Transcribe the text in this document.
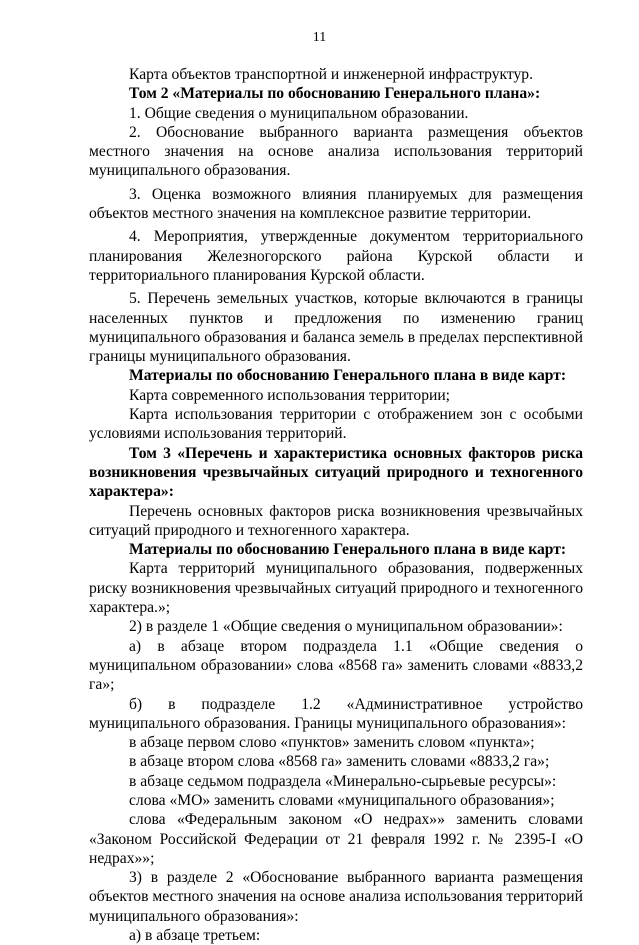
11

Карта объектов транспортной и инженерной инфраструктур.

Том 2 «Материалы по обоснованию Генерального плана»:

1. Общие сведения о муниципальном образовании.

2. Обоснование выбранного варианта размещения объектов местного значения на основе анализа использования территорий муниципального образования.

3. Оценка возможного влияния планируемых для размещения объектов местного значения на комплексное развитие территории.

4. Мероприятия, утвержденные документом территориального планирования Железногорского района Курской области и территориального планирования Курской области.

5. Перечень земельных участков, которые включаются в границы населенных пунктов и предложения по изменению границ муниципального образования и баланса земель в пределах перспективной границы муниципального образования.

Материалы по обоснованию Генерального плана в виде карт:

Карта современного использования территории;

Карта использования территории с отображением зон с особыми условиями использования территорий.

Том 3 «Перечень и характеристика основных факторов риска возникновения чрезвычайных ситуаций природного и техногенного характера»:

Перечень основных факторов риска возникновения чрезвычайных ситуаций природного и техногенного характера.

Материалы по обоснованию Генерального плана в виде карт:

Карта территорий муниципального образования, подверженных риску возникновения чрезвычайных ситуаций природного и техногенного характера.»;

2) в разделе 1 «Общие сведения о муниципальном образовании»:

а) в абзаце втором подраздела 1.1 «Общие сведения о муниципальном образовании» слова «8568 га» заменить словами «8833,2 га»;

б) в подразделе 1.2 «Административное устройство муниципального образования. Границы муниципального образования»:

в абзаце первом слово «пунктов» заменить словом «пункта»;

в абзаце втором слова «8568 га» заменить словами «8833,2 га»;

в абзаце седьмом подраздела «Минерально-сырьевые ресурсы»:

слова «МО» заменить словами «муниципального образования»;

слова «Федеральным законом «О недрах»» заменить словами «Законом Российской Федерации от 21 февраля 1992 г. № 2395-I «О недрах»»;

3) в разделе 2 «Обоснование выбранного варианта размещения объектов местного значения на основе анализа использования территорий муниципального образования»:

а) в абзаце третьем:
